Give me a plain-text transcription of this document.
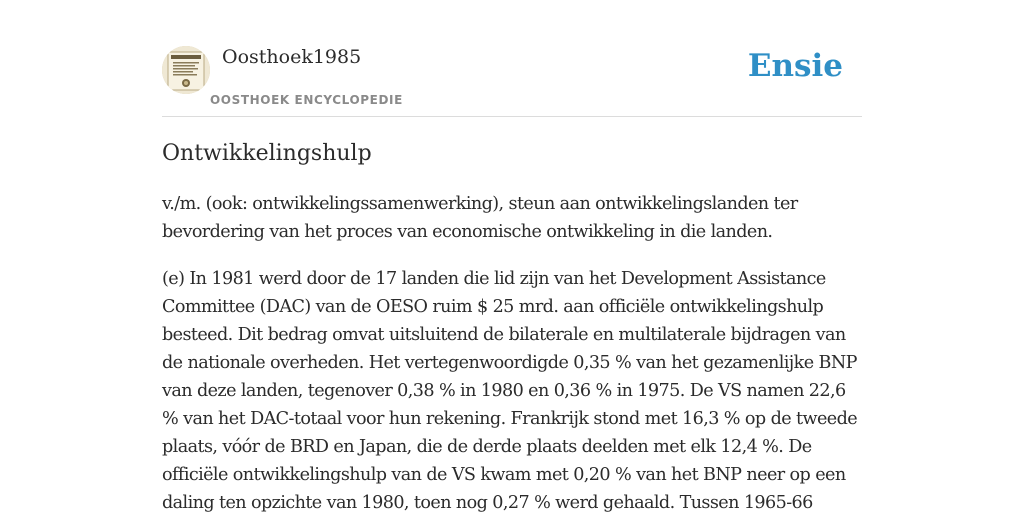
Oosthoek1985
OOSTHOEK ENCYCLOPEDIE
Ensie
Ontwikkelingshulp

v./m. (ook: ontwikkelingssamenwerking), steun aan ontwikkelingslanden ter bevordering van het proces van economische ontwikkeling in die landen.

(e) In 1981 werd door de 17 landen die lid zijn van het Development Assistance Committee (DAC) van de OESO ruim $ 25 mrd. aan officiële ontwikkelingshulp besteed. Dit bedrag omvat uitsluitend de bilaterale en multilaterale bijdragen van de nationale overheden. Het vertegenwoordigde 0,35 % van het gezamenlijke BNP van deze landen, tegenover 0,38 % in 1980 en 0,36 % in 1975. De VS namen 22,6 % van het DAC-totaal voor hun rekening. Frankrijk stond met 16,3 % op de tweede plaats, vóór de BRD en Japan, die de derde plaats deelden met elk 12,4 %. De officiële ontwikkelingshulp van de VS kwam met 0,20 % van het BNP neer op een daling ten opzichte van 1980, toen nog 0,27 % werd gehaald. Tussen 1965-66
